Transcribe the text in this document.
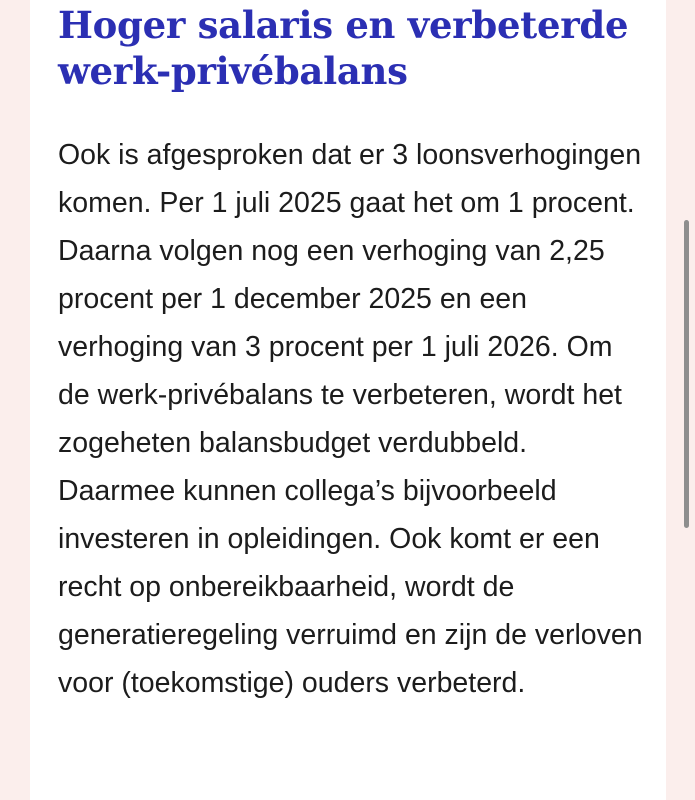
Hoger salaris en verbeterde werk-privébalans

Ook is afgesproken dat er 3 loonsverhogingen komen. Per 1 juli 2025 gaat het om 1 procent. Daarna volgen nog een verhoging van 2,25 procent per 1 december 2025 en een verhoging van 3 procent per 1 juli 2026. Om de werk-privébalans te verbeteren, wordt het zogeheten balansbudget verdubbeld. Daarmee kunnen collega’s bijvoorbeeld investeren in opleidingen. Ook komt er een recht op onbereikbaarheid, wordt de generatieregeling verruimd en zijn de verloven voor (toekomstige) ouders verbeterd.
